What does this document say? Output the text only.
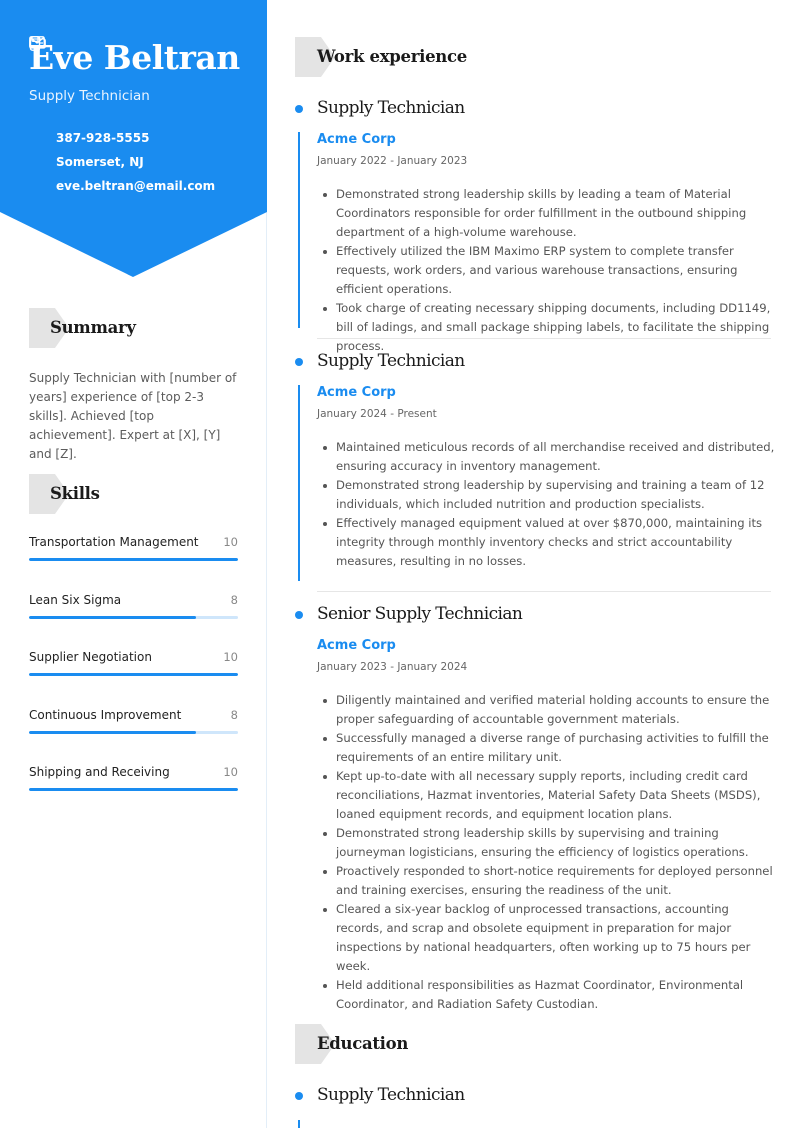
Eve Beltran
Supply Technician
387-928-5555
Somerset, NJ
eve.beltran@email.com
Summary
Supply Technician with [number of years] experience of [top 2-3 skills]. Achieved [top achievement]. Expert at [X], [Y] and [Z].
Skills
Transportation Management 10
Lean Six Sigma	8
Supplier Negotiation	10
Continuous Improvement	8
Shipping and Receiving	10
Work experience
Supply Technician
Acme Corp
January 2022 - January 2023
Demonstrated strong leadership skills by leading a team of Material Coordinators responsible for order fulfillment in the outbound shipping department of a high-volume warehouse.
Effectively utilized the IBM Maximo ERP system to complete transfer requests, work orders, and various warehouse transactions, ensuring efficient operations.
Took charge of creating necessary shipping documents, including DD1149, bill of ladings, and small package shipping labels, to facilitate the shipping process.
Supply Technician
Acme Corp
January 2024 - Present
Maintained meticulous records of all merchandise received and distributed, ensuring accuracy in inventory management.
Demonstrated strong leadership by supervising and training a team of 12 individuals, which included nutrition and production specialists.
Effectively managed equipment valued at over $870,000, maintaining its integrity through monthly inventory checks and strict accountability measures, resulting in no losses.
Senior Supply Technician
Acme Corp
January 2023 - January 2024
Diligently maintained and verified material holding accounts to ensure the proper safeguarding of accountable government materials.
Successfully managed a diverse range of purchasing activities to fulfill the requirements of an entire military unit.
Kept up-to-date with all necessary supply reports, including credit card reconciliations, Hazmat inventories, Material Safety Data Sheets (MSDS), loaned equipment records, and equipment location plans.
Demonstrated strong leadership skills by supervising and training journeyman logisticians, ensuring the efficiency of logistics operations.
Proactively responded to short-notice requirements for deployed personnel and training exercises, ensuring the readiness of the unit.
Cleared a six-year backlog of unprocessed transactions, accounting records, and scrap and obsolete equipment in preparation for major inspections by national headquarters, often working up to 75 hours per week.
Held additional responsibilities as Hazmat Coordinator, Environmental Coordinator, and Radiation Safety Custodian.
Education
Supply Technician
